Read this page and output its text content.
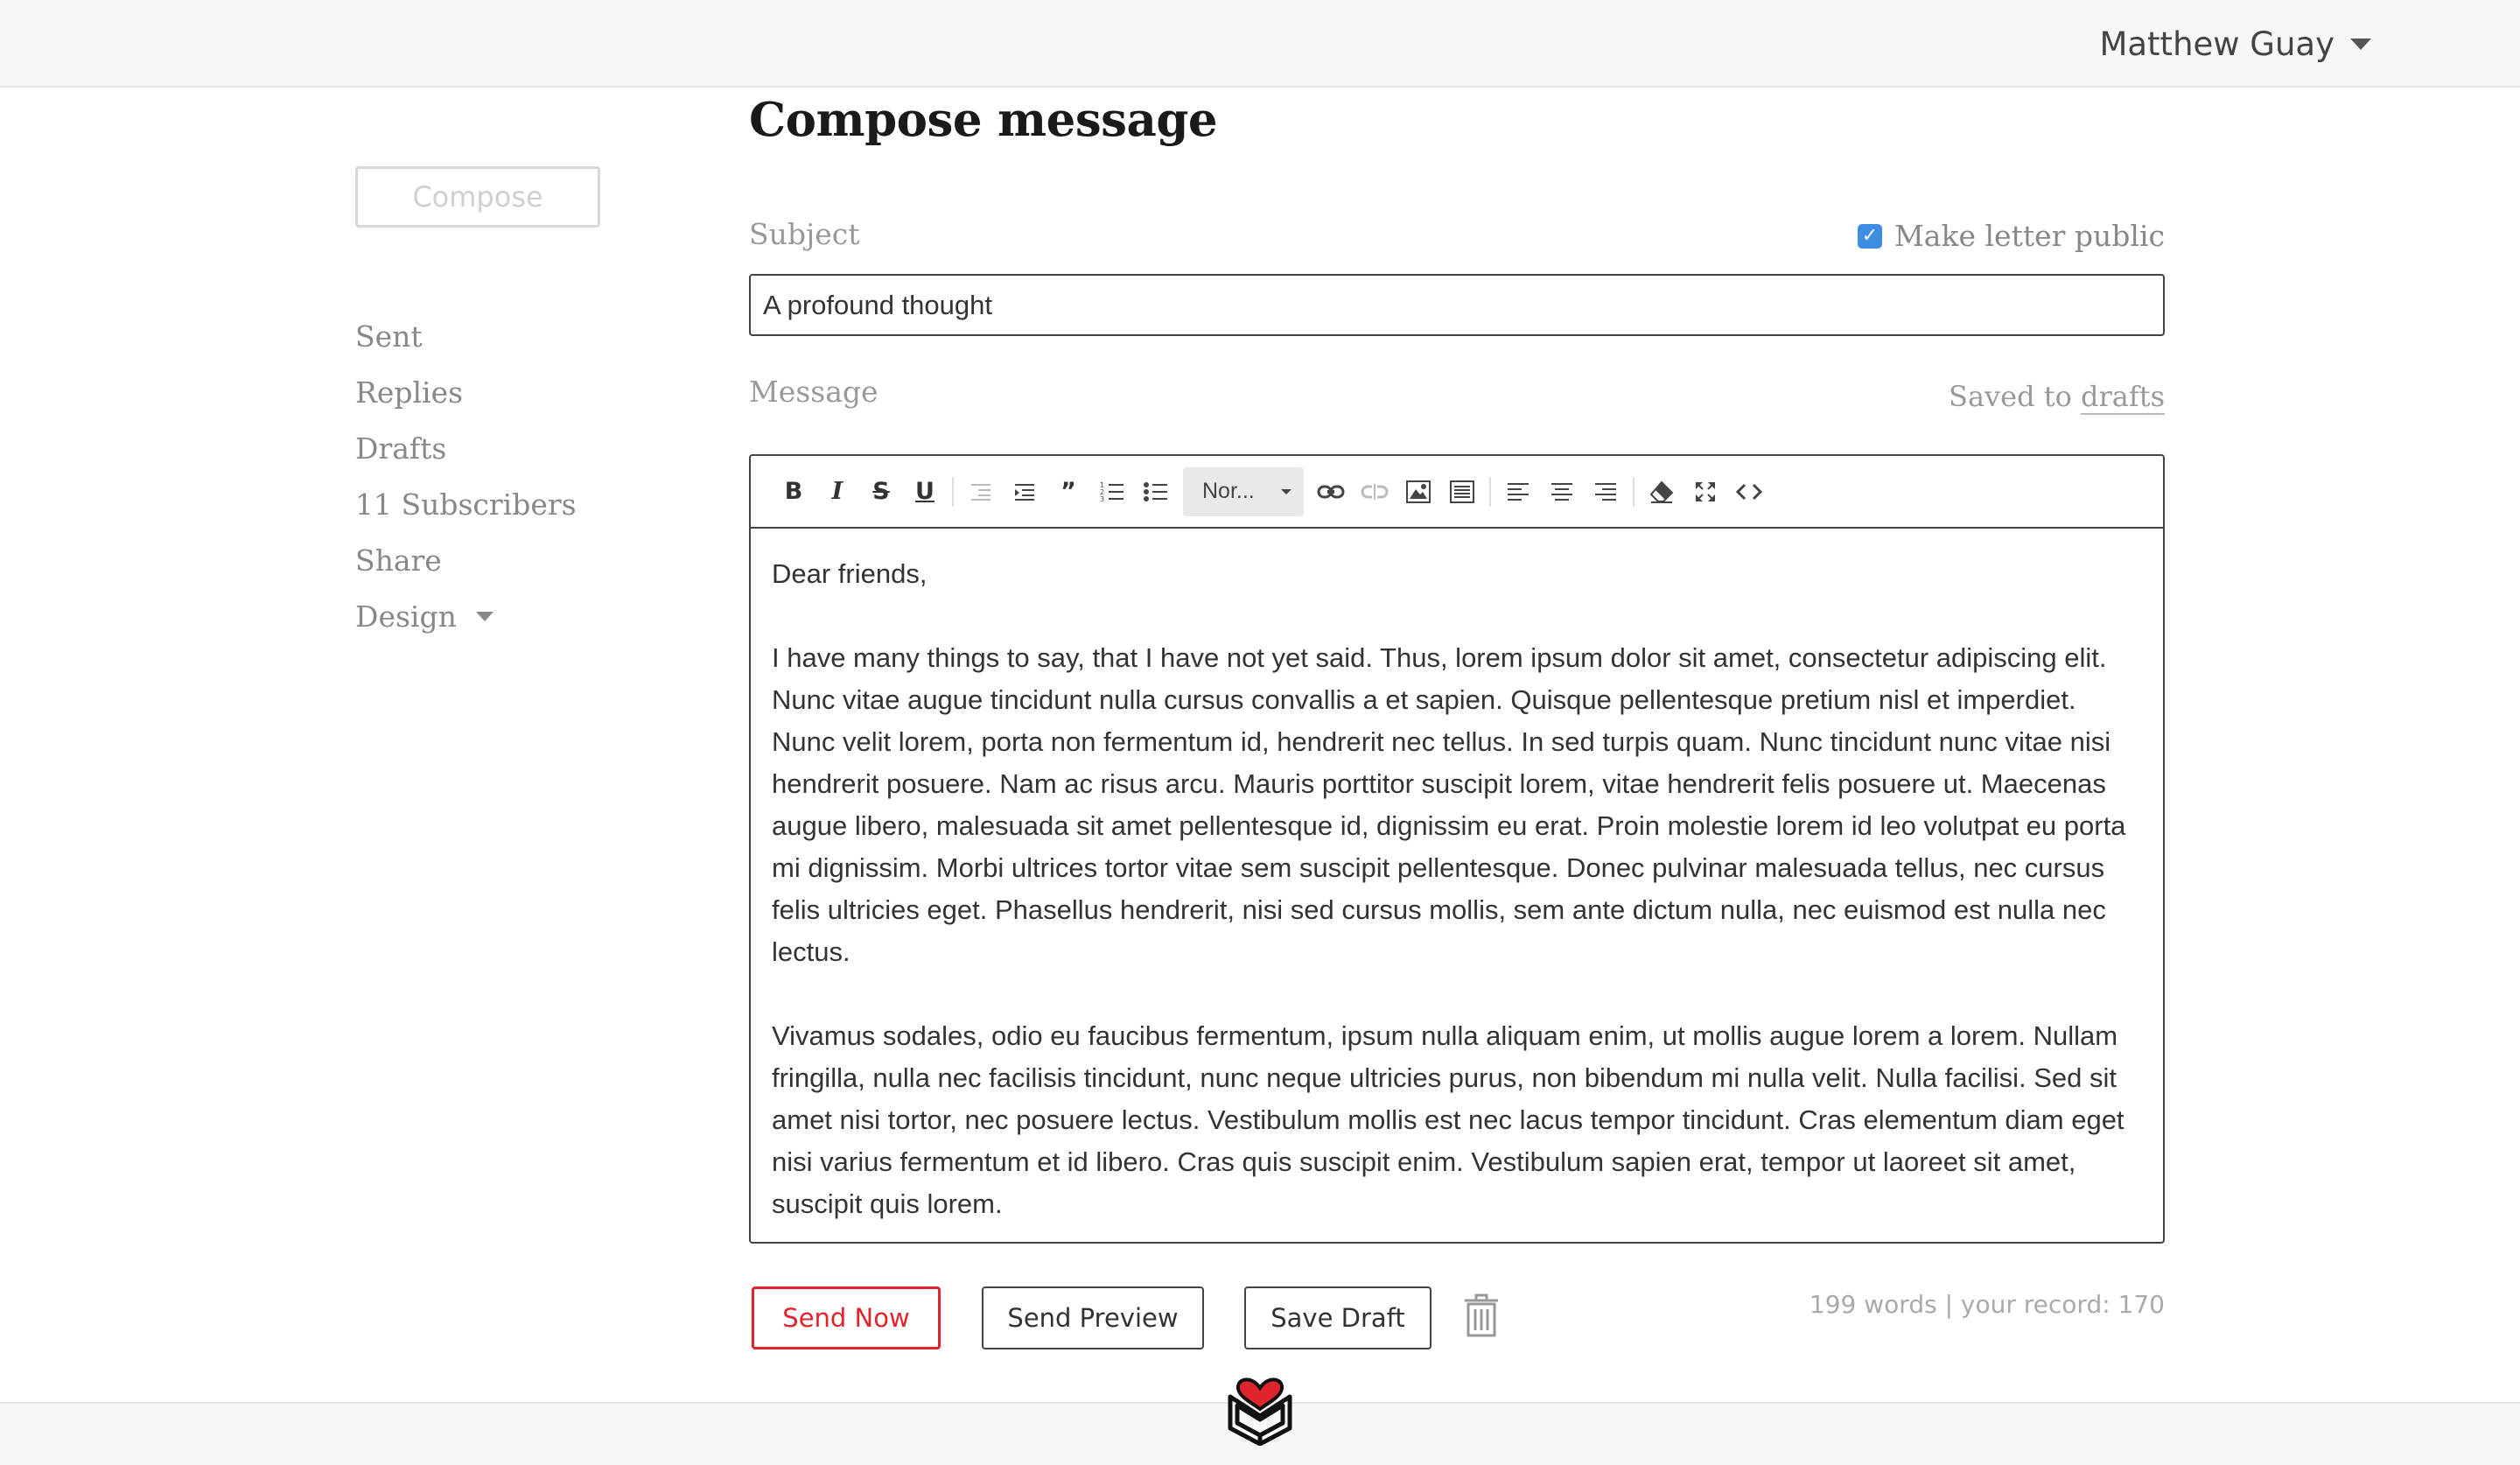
Matthew Guay
Compose
Sent
Replies
Drafts
11 Subscribers
Share
Design
Compose message
Subject	✓ Make letter public
A profound thought
Message	Saved to drafts
B	I	S	U	”	1
2
3	Nor...

Dear friends,

I have many things to say, that I have not yet said. Thus, lorem ipsum dolor sit amet, consectetur adipiscing elit. Nunc vitae augue tincidunt nulla cursus convallis a et sapien. Quisque pellentesque pretium nisl et imperdiet. Nunc velit lorem, porta non fermentum id, hendrerit nec tellus. In sed turpis quam. Nunc tincidunt nunc vitae nisi hendrerit posuere. Nam ac risus arcu. Mauris porttitor suscipit lorem, vitae hendrerit felis posuere ut. Maecenas augue libero, malesuada sit amet pellentesque id, dignissim eu erat. Proin molestie lorem id leo volutpat eu porta mi dignissim. Morbi ultrices tortor vitae sem suscipit pellentesque. Donec pulvinar malesuada tellus, nec cursus felis ultricies eget. Phasellus hendrerit, nisi sed cursus mollis, sem ante dictum nulla, nec euismod est nulla nec lectus.

Vivamus sodales, odio eu faucibus fermentum, ipsum nulla aliquam enim, ut mollis augue lorem a lorem. Nullam fringilla, nulla nec facilisis tincidunt, nunc neque ultricies purus, non bibendum mi nulla velit. Nulla facilisi. Sed sit amet nisi tortor, nec posuere lectus. Vestibulum mollis est nec lacus tempor tincidunt. Cras elementum diam eget nisi varius fermentum et id libero. Cras quis suscipit enim. Vestibulum sapien erat, tempor ut laoreet sit amet, suscipit quis lorem.

Send Now	Send Preview	Save Draft	199 words | your record: 170
